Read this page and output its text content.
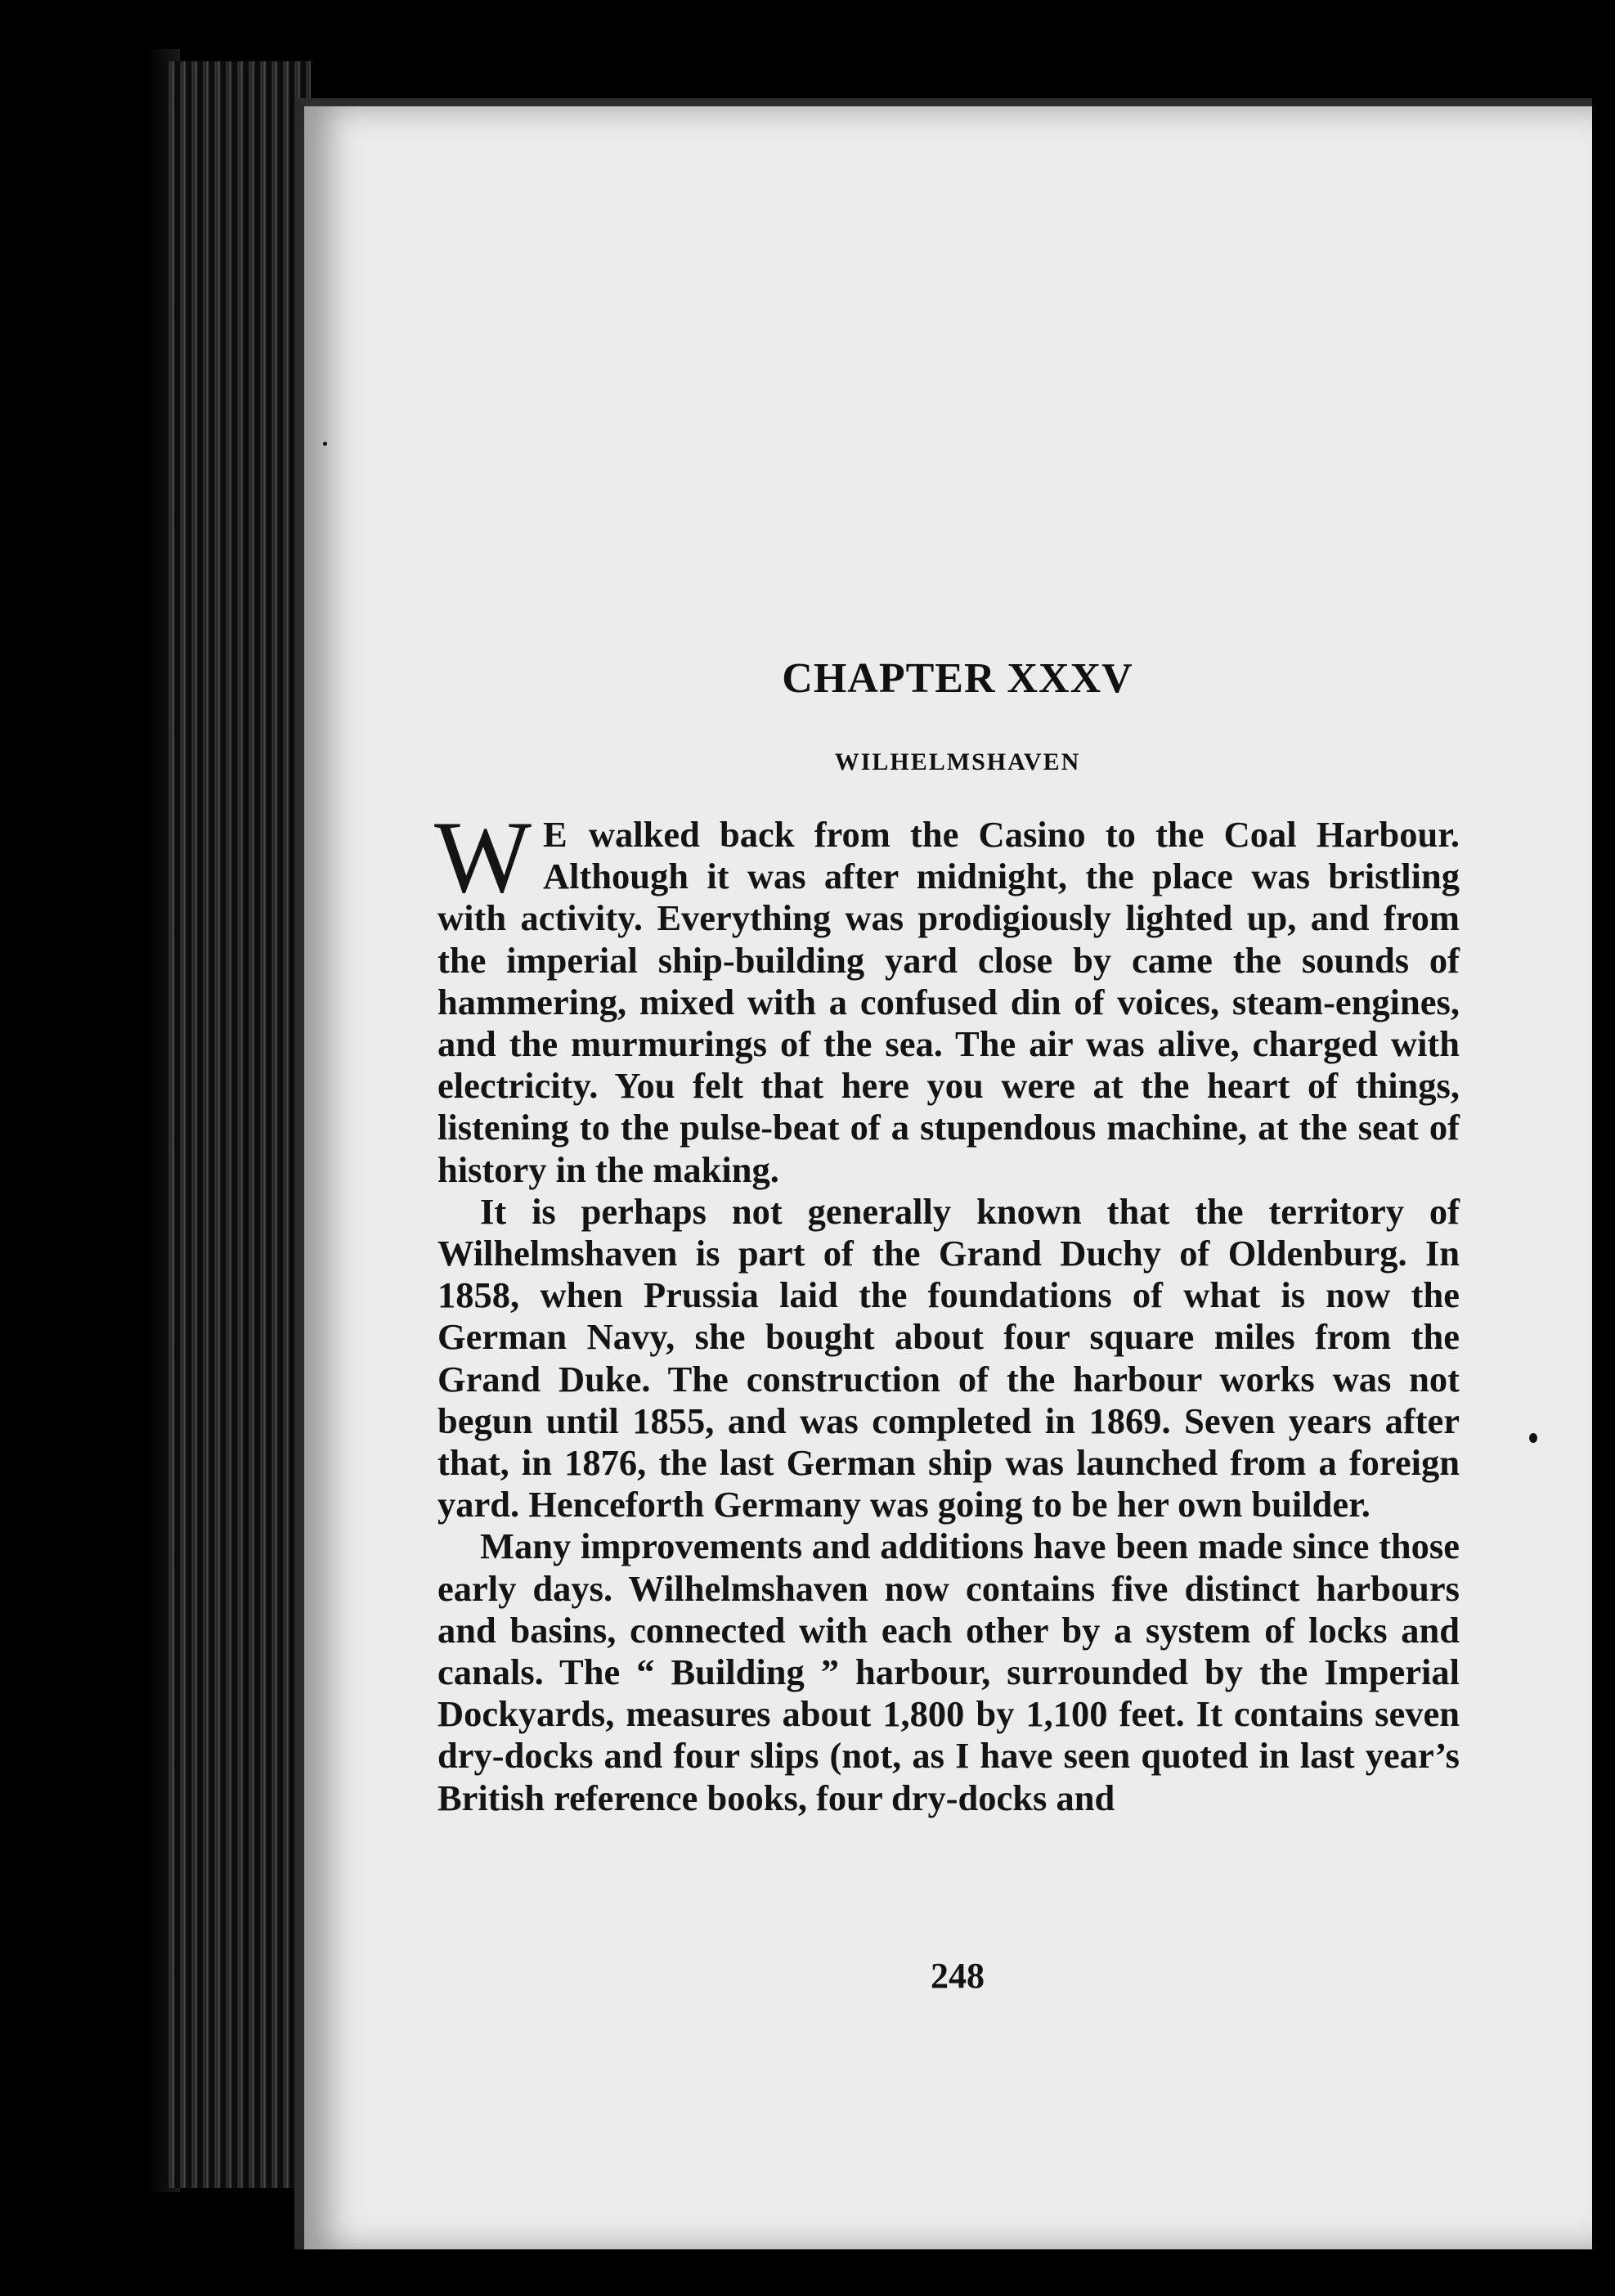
CHAPTER XXXV
WILHELMSHAVEN

W E walked back from the Casino to the Coal Harbour. Although it was after midnight, the place was bristling with activity. Everything was prodigiously lighted up, and from the imperial ship-building yard close by came the sounds of hammering, mixed with a confused din of voices, steam-engines, and the murmurings of the sea. The air was alive, charged with electricity. You felt that here you were at the heart of things, listening to the pulse-beat of a stupendous machine, at the seat of history in the making.

It is perhaps not generally known that the territory of Wilhelmshaven is part of the Grand Duchy of Oldenburg. In 1858, when Prussia laid the foundations of what is now the German Navy, she bought about four square miles from the Grand Duke. The construction of the harbour works was not begun until 1855, and was completed in 1869. Seven years after that, in 1876, the last German ship was launched from a foreign yard. Henceforth Germany was going to be her own builder.

Many improvements and additions have been made since those early days. Wilhelmshaven now contains five distinct harbours and basins, connected with each other by a system of locks and canals. The “ Building ” harbour, surrounded by the Imperial Dockyards, measures about 1,800 by 1,100 feet. It contains seven dry-docks and four slips (not, as I have seen quoted in last year’s British reference books, four dry-docks and

248
